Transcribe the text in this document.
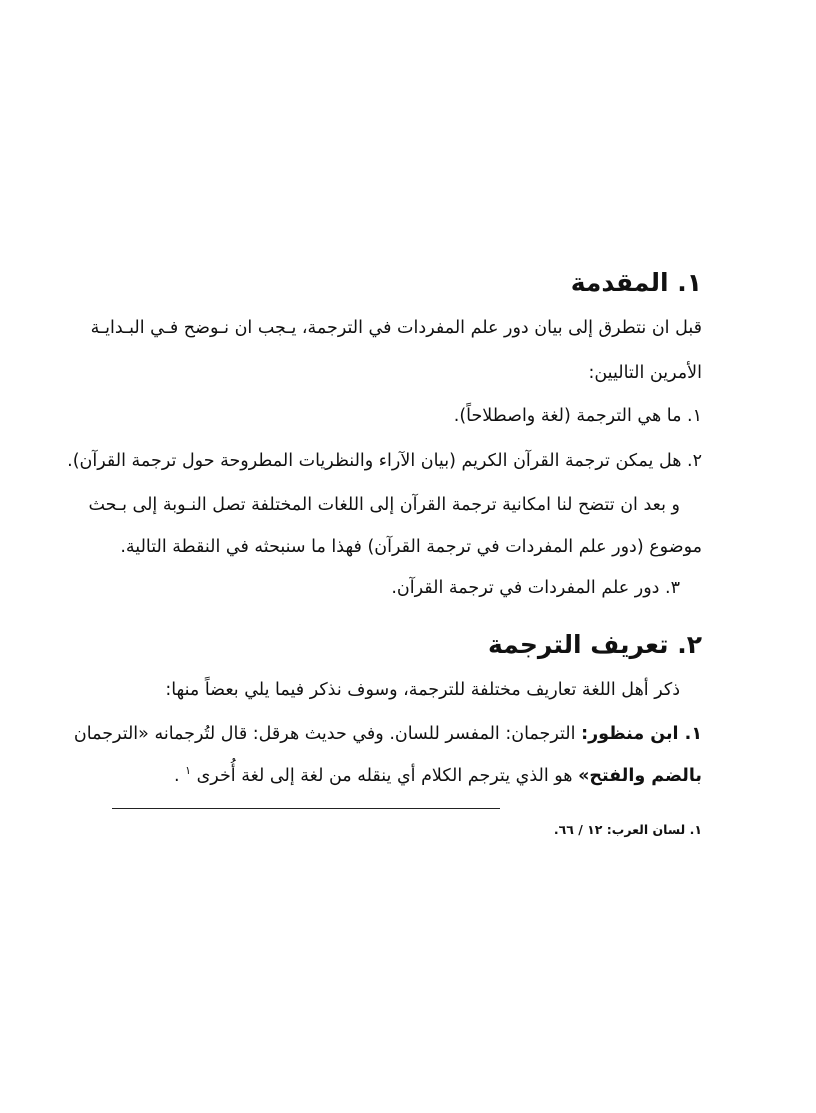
١. المقدمة
قبل ان نتطرق إلى بيان دور علم المفردات في الترجمة، يـجب ان نـوضح فـي البـدايـة
الأمرين التاليين:
١. ما هي الترجمة (لغة واصطلاحاً).
٢. هل يمكن ترجمة القرآن الكريم (بيان الآراء والنظريات المطروحة حول ترجمة القرآن).
و بعد ان تتضح لنا امكانية ترجمة القرآن إلى اللغات المختلفة تصل النـوبة إلى بـحث
موضوع (دور علم المفردات في ترجمة القرآن) فهذا ما سنبحثه في النقطة التالية.
٣. دور علم المفردات في ترجمة القرآن.
٢. تعريف الترجمة
ذكر أهل اللغة تعاريف مختلفة للترجمة، وسوف نذكر فيما يلي بعضاً منها:
١. ابن منظور: الترجمان: المفسر للسان. وفي حديث هرقل: قال لتُرجمانه «الترجمان
بالضم والفتح» هو الذي يترجم الكلام أي ينقله من لغة إلى لغة أُخرى $^١$ .
١. لسان العرب: ١٢ / ٦٦.
